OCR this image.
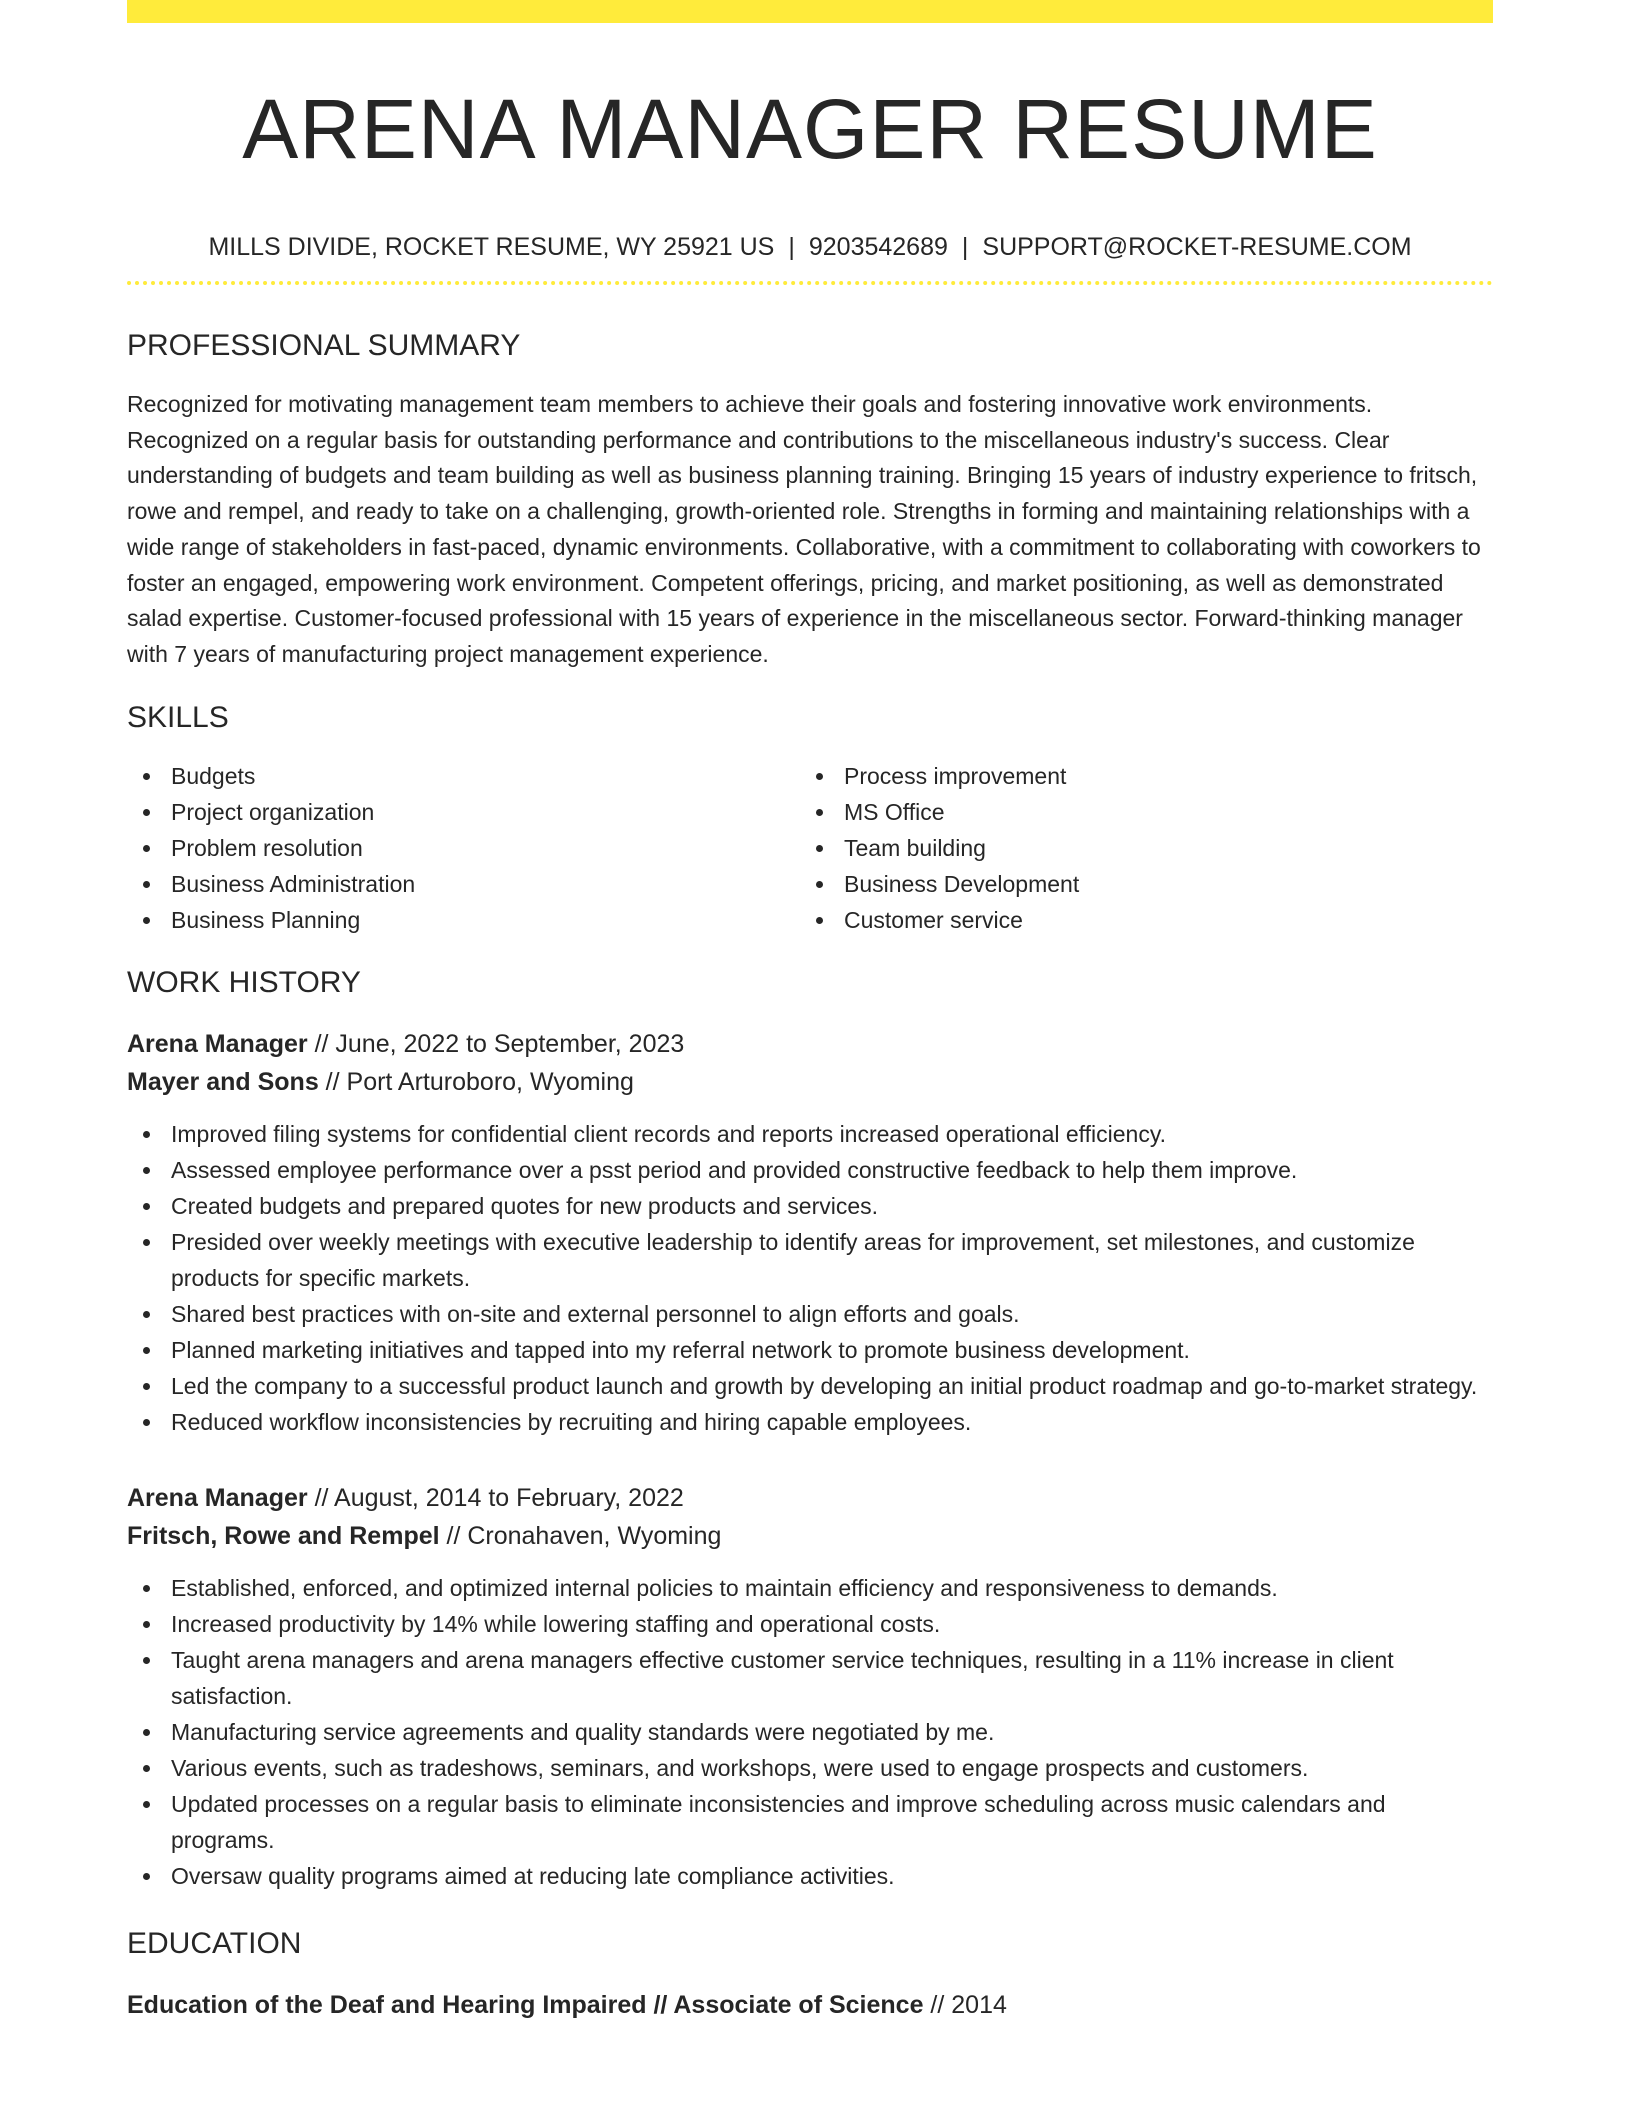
ARENA MANAGER RESUME
MILLS DIVIDE, ROCKET RESUME, WY 25921 US | 9203542689 | SUPPORT@ROCKET-RESUME.COM
PROFESSIONAL SUMMARY

Recognized for motivating management team members to achieve their goals and fostering innovative work environments. Recognized on a regular basis for outstanding performance and contributions to the miscellaneous industry's success. Clear understanding of budgets and team building as well as business planning training. Bringing 15 years of industry experience to fritsch, rowe and rempel, and ready to take on a challenging, growth-oriented role. Strengths in forming and maintaining relationships with a wide range of stakeholders in fast-paced, dynamic environments. Collaborative, with a commitment to collaborating with coworkers to foster an engaged, empowering work environment. Competent offerings, pricing, and market positioning, as well as demonstrated salad expertise. Customer-focused professional with 15 years of experience in the miscellaneous sector. Forward-thinking manager with 7 years of manufacturing project management experience.

SKILLS
Budgets
Project organization
Problem resolution
Business Administration
Business Planning
Process improvement
MS Office
Team building
Business Development
Customer service
WORK HISTORY
Arena Manager // June, 2022 to September, 2023
Mayer and Sons // Port Arturoboro, Wyoming
Improved filing systems for confidential client records and reports increased operational efficiency.
Assessed employee performance over a psst period and provided constructive feedback to help them improve.
Created budgets and prepared quotes for new products and services.
Presided over weekly meetings with executive leadership to identify areas for improvement, set milestones, and customize products for specific markets.
Shared best practices with on-site and external personnel to align efforts and goals.
Planned marketing initiatives and tapped into my referral network to promote business development.
Led the company to a successful product launch and growth by developing an initial product roadmap and go-to-market strategy.
Reduced workflow inconsistencies by recruiting and hiring capable employees.
Arena Manager // August, 2014 to February, 2022
Fritsch, Rowe and Rempel // Cronahaven, Wyoming
Established, enforced, and optimized internal policies to maintain efficiency and responsiveness to demands.
Increased productivity by 14% while lowering staffing and operational costs.
Taught arena managers and arena managers effective customer service techniques, resulting in a 11% increase in client satisfaction.
Manufacturing service agreements and quality standards were negotiated by me.
Various events, such as tradeshows, seminars, and workshops, were used to engage prospects and customers.
Updated processes on a regular basis to eliminate inconsistencies and improve scheduling across music calendars and programs.
Oversaw quality programs aimed at reducing late compliance activities.
EDUCATION
Education of the Deaf and Hearing Impaired // Associate of Science // 2014
